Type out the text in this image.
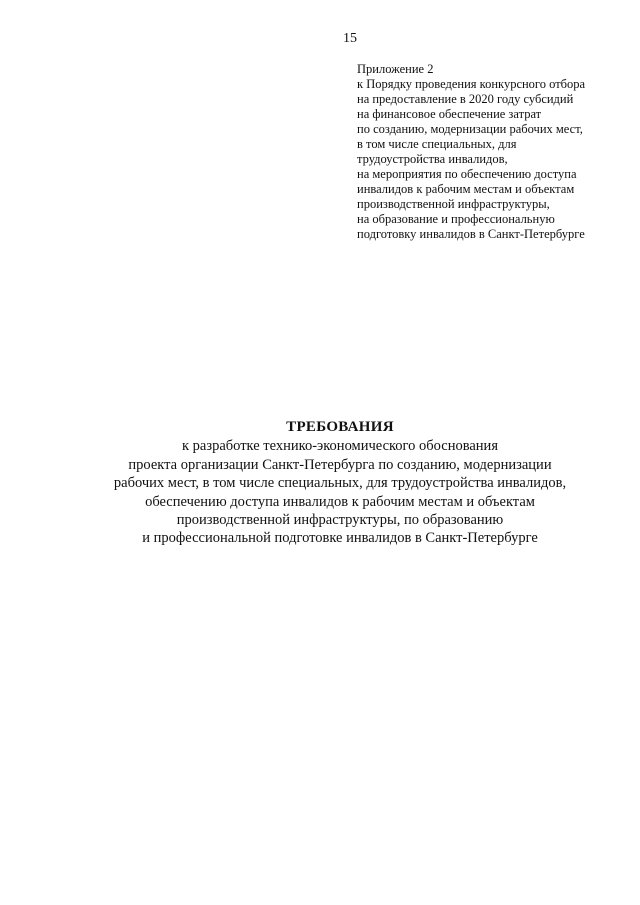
15
Приложение 2
к Порядку проведения конкурсного отбора
на предоставление в 2020 году субсидий
на финансовое обеспечение затрат
по созданию, модернизации рабочих мест,
в том числе специальных, для
трудоустройства инвалидов,
на мероприятия по обеспечению доступа
инвалидов к рабочим местам и объектам
производственной инфраструктуры,
на образование и профессиональную
подготовку инвалидов в Санкт-Петербурге
ТРЕБОВАНИЯ
к разработке технико-экономического обоснования
проекта организации Санкт-Петербурга по созданию, модернизации
рабочих мест, в том числе специальных, для трудоустройства инвалидов,
обеспечению доступа инвалидов к рабочим местам и объектам
производственной инфраструктуры, по образованию
и профессиональной подготовке инвалидов в Санкт-Петербурге
